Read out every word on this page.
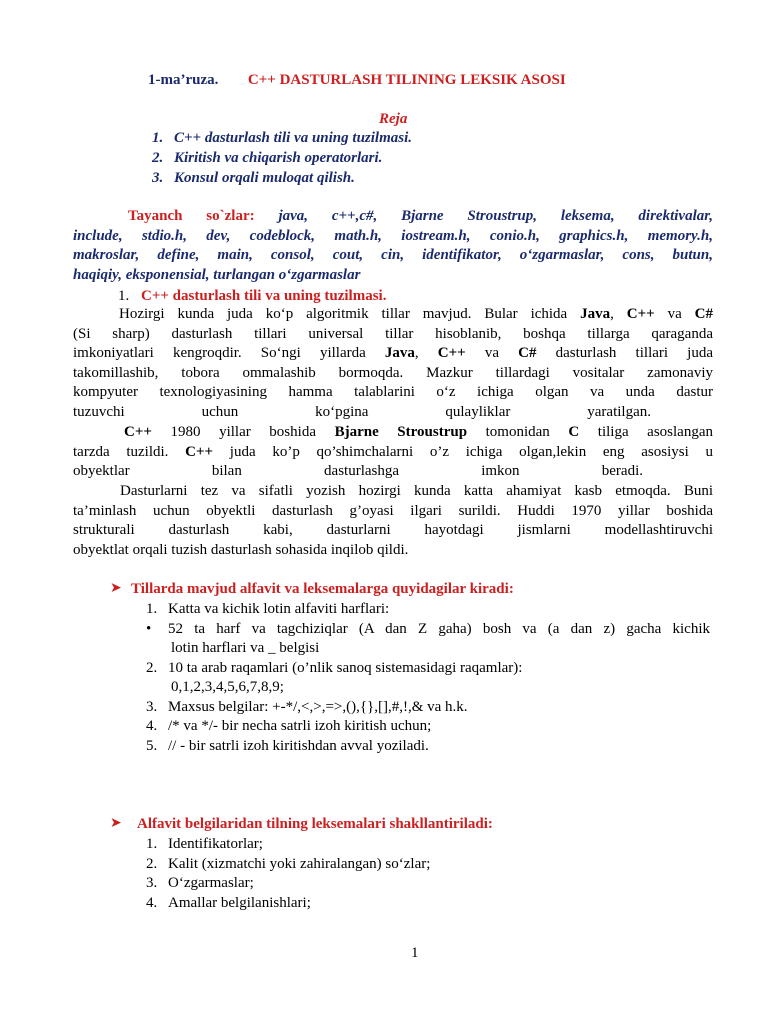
1-ma’ruza. C++ DASTURLASH TILINING LEKSIK ASOSI
Reja
1. C++ dasturlash tili va uning tuzilmasi.
2. Kiritish va chiqarish operatorlari.
3. Konsul orqali muloqat qilish.
Tayanch so`zlar: java, c++,c#, Bjarne Stroustrup, leksema, direktivalar,
include, stdio.h, dev, codeblock, math.h, iostream.h, conio.h, graphics.h, memory.h,
makroslar, define, main, consol, cout, cin, identifikator, o‘zgarmaslar, cons, butun,
haqiqiy, eksponensial, turlangan o‘zgarmaslar
1. C++ dasturlash tili va uning tuzilmasi.
Hozirgi kunda juda ko‘p algoritmik tillar mavjud. Bular ichida Java, C++ va C#
(Si sharp) dasturlash tillari universal tillar hisoblanib, boshqa tillarga qaraganda
imkoniyatlari kengroqdir. So‘ngi yillarda Java, C++ va C# dasturlash tillari juda
takomillashib, tobora ommalashib bormoqda. Mazkur tillardagi vositalar zamonaviy
kompyuter texnologiyasining hamma talablarini o‘z ichiga olgan va unda dastur
tuzuvchi uchun ko‘pgina qulayliklar yaratilgan.
C++ 1980 yillar boshida Bjarne Stroustrup tomonidan C tiliga asoslangan
tarzda tuzildi. C++ juda ko’p qo’shimchalarni o’z ichiga olgan,lekin eng asosiysi u
obyektlar bilan dasturlashga imkon beradi.
Dasturlarni tez va sifatli yozish hozirgi kunda katta ahamiyat kasb etmoqda. Buni
ta’minlash uchun obyektli dasturlash g’oyasi ilgari surildi. Huddi 1970 yillar boshida
strukturali dasturlash kabi, dasturlarni hayotdagi jismlarni modellashtiruvchi
obyektlat orqali tuzish dasturlash sohasida inqilob qildi.
➤ Tillarda mavjud alfavit va leksemalarga quyidagilar kiradi:
1. Katta va kichik lotin alfaviti harflari:
• 52 ta harf va tagchiziqlar (A dan Z gaha) bosh va (a dan z) gacha kichik
lotin harflari va _ belgisi
2. 10 ta arab raqamlari (o’nlik sanoq sistemasidagi raqamlar):
0,1,2,3,4,5,6,7,8,9;
3. Maxsus belgilar: +-*/,<,>,=>,(),{},[],#,!,& va h.k.
4. /* va */- bir necha satrli izoh kiritish uchun;
5. // - bir satrli izoh kiritishdan avval yoziladi.
➤ Alfavit belgilaridan tilning leksemalari shakllantiriladi:
1. Identifikatorlar;
2. Kalit (xizmatchi yoki zahiralangan) so‘zlar;
3. O‘zgarmaslar;
4. Amallar belgilanishlari;
1
